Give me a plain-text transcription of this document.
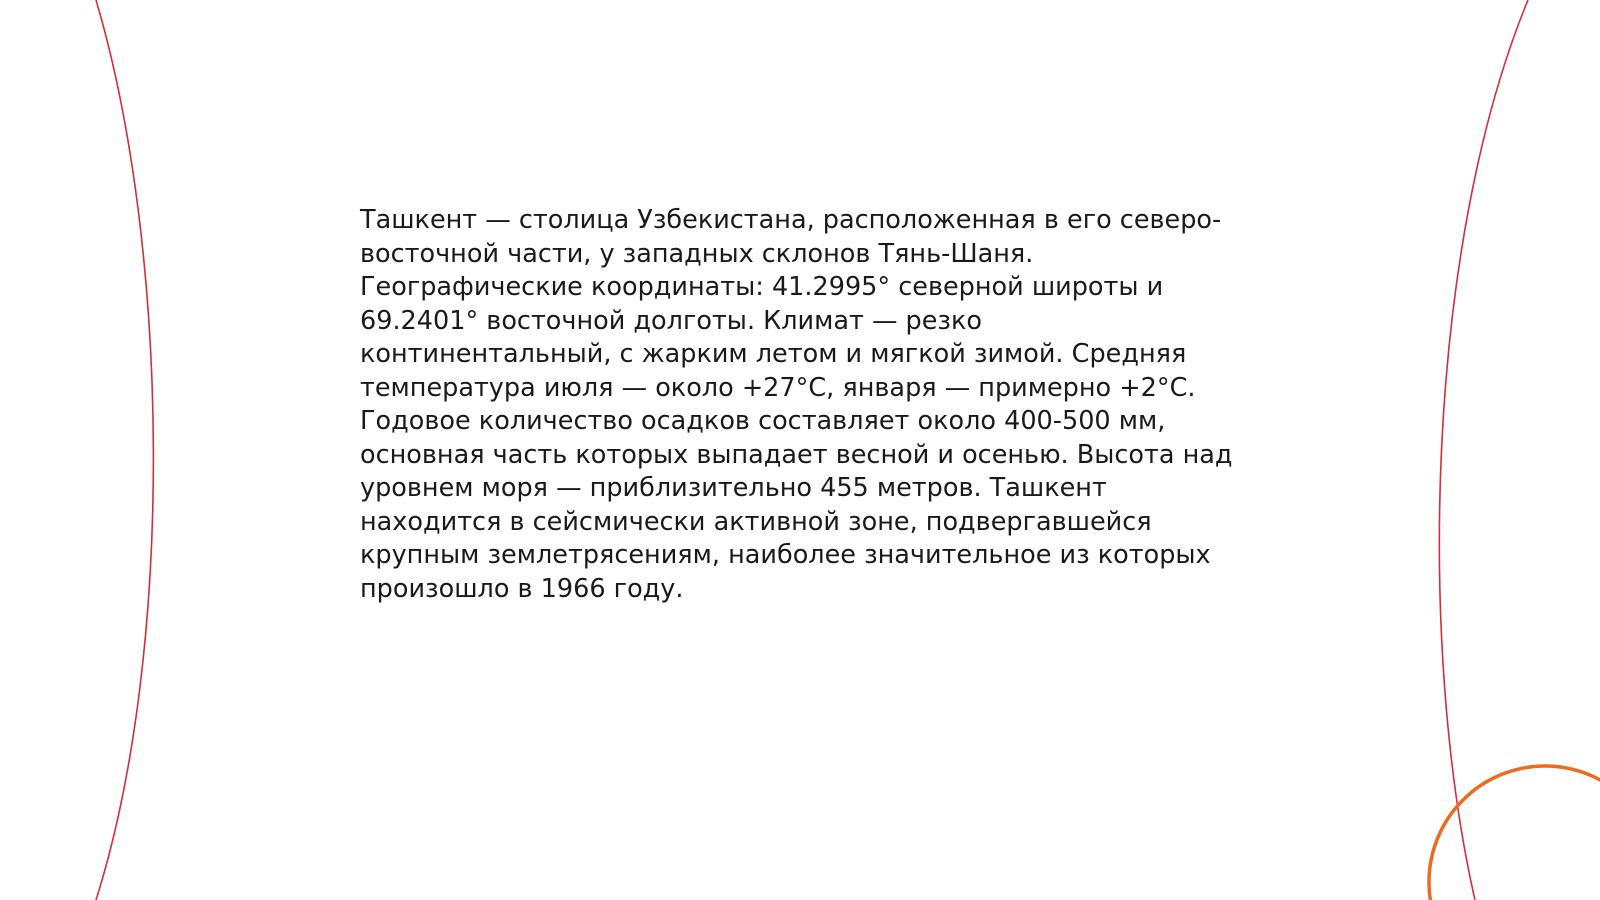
Ташкент — столица Узбекистана, расположенная в его северо-восточной части, у западных склонов Тянь-Шаня. Географические координаты: 41.2995° северной широты и 69.2401° восточной долготы. Климат — резко континентальный, с жарким летом и мягкой зимой. Средняя температура июля — около +27°C, января — примерно +2°C. Годовое количество осадков составляет около 400-500 мм, основная часть которых выпадает весной и осенью. Высота над уровнем моря — приблизительно 455 метров. Ташкент находится в сейсмически активной зоне, подвергавшейся крупным землетрясениям, наиболее значительное из которых произошло в 1966 году.
